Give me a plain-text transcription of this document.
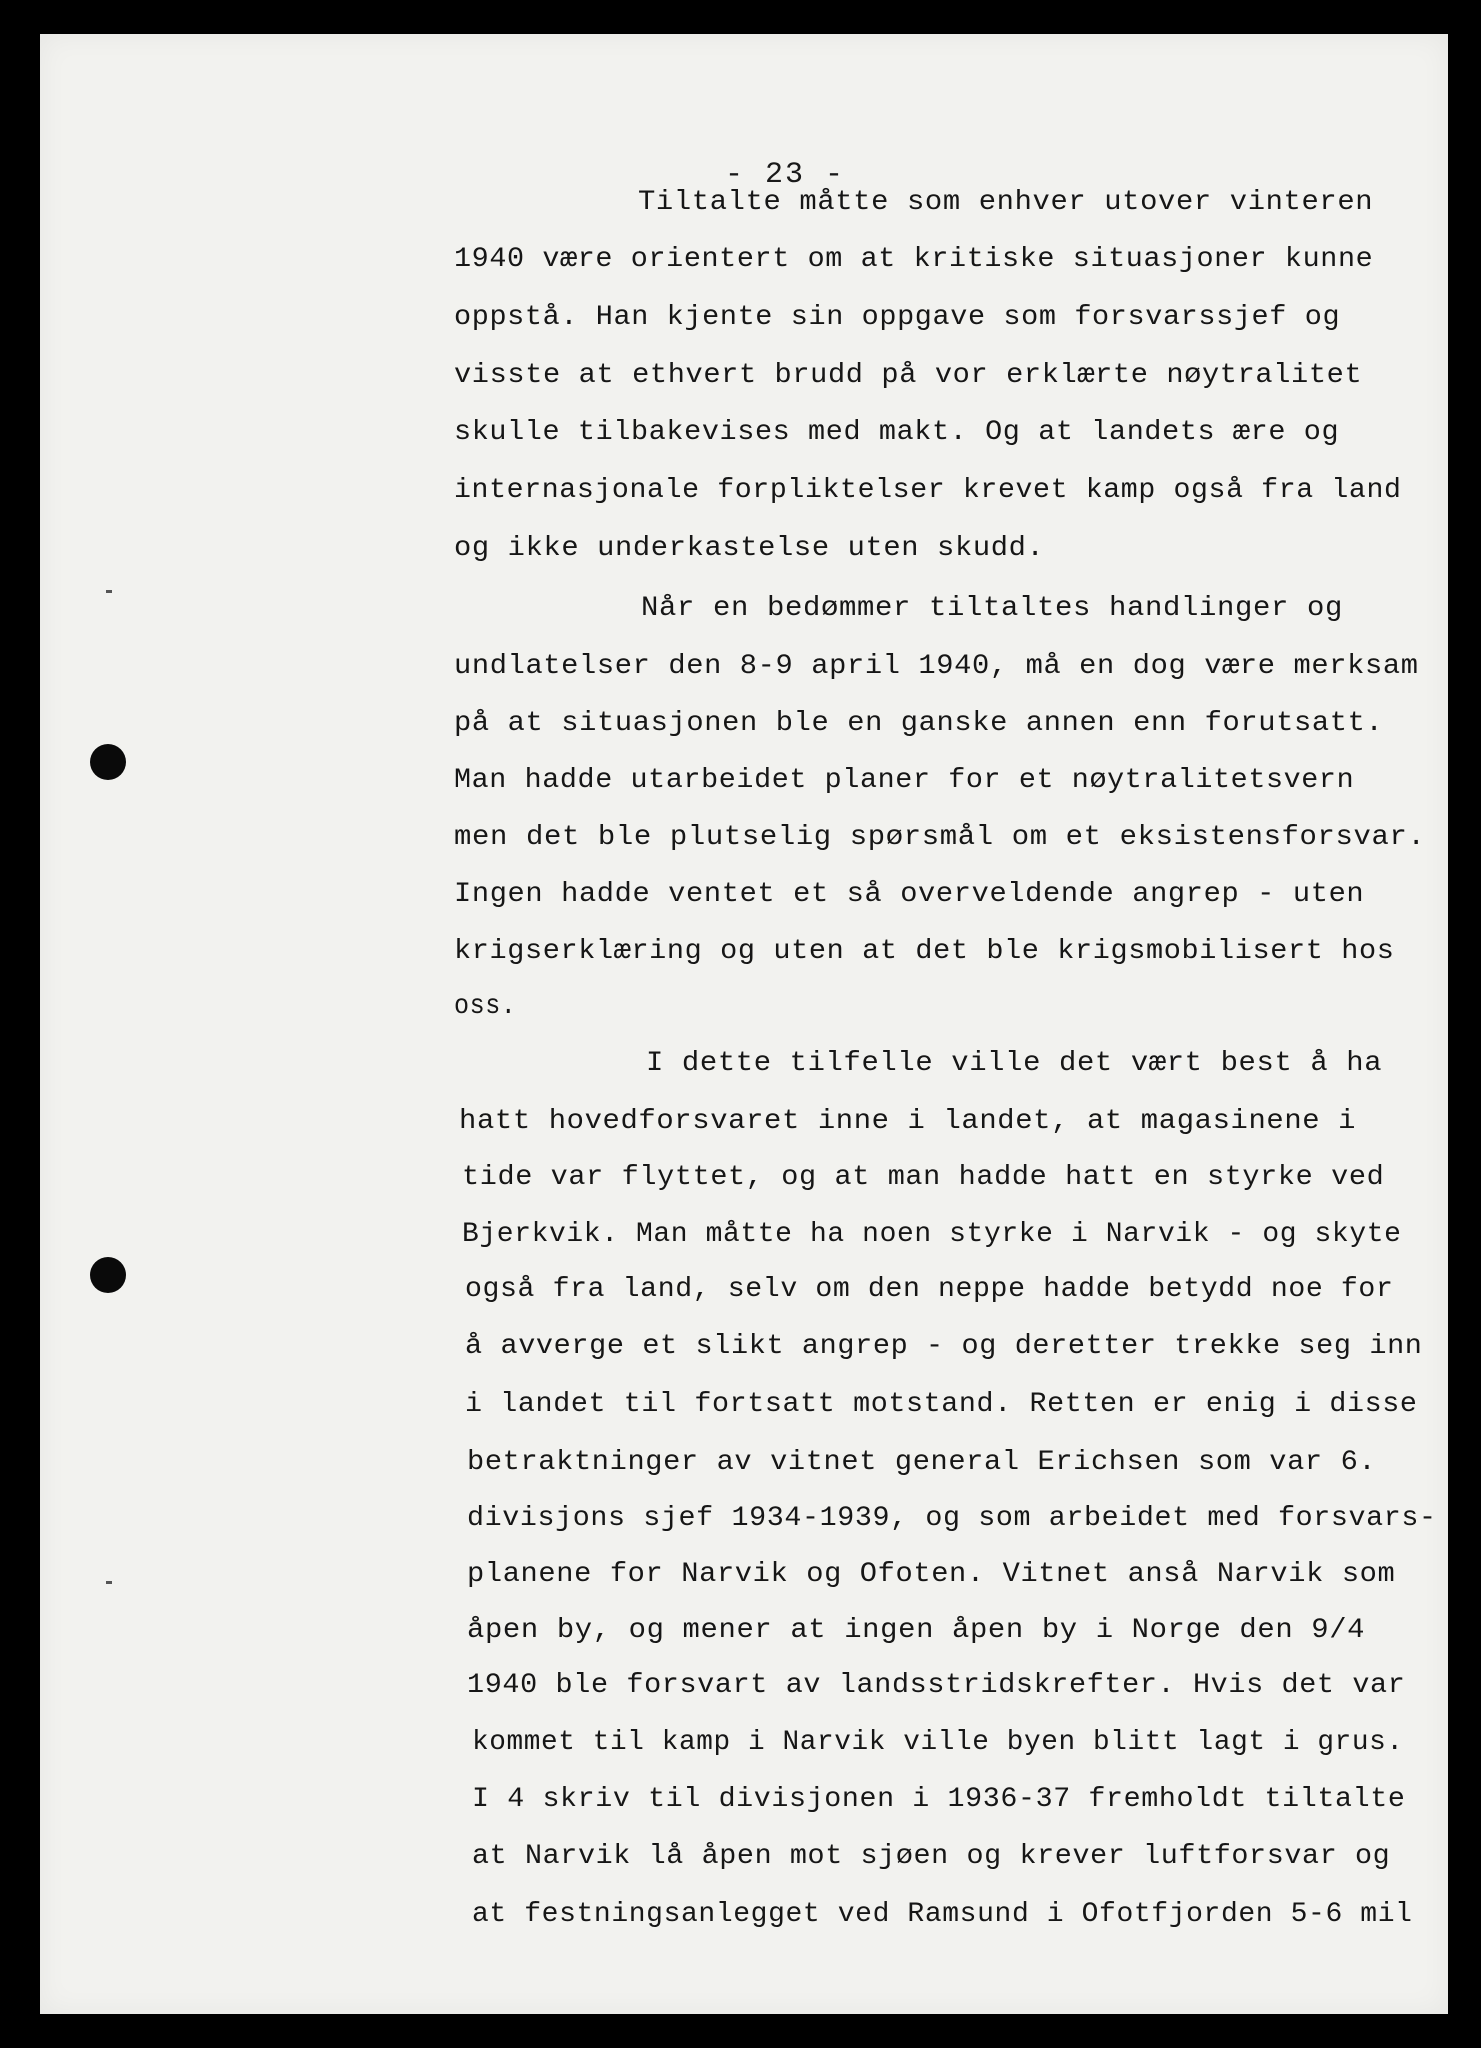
- 23 -
Tiltalte måtte som enhver utover vinteren
1940 være orientert om at kritiske situasjoner kunne
oppstå. Han kjente sin oppgave som forsvarssjef og
visste at ethvert brudd på vor erklærte nøytralitet
skulle tilbakevises med makt. Og at landets ære og
internasjonale forpliktelser krevet kamp også fra land
og ikke underkastelse uten skudd.
Når en bedømmer tiltaltes handlinger og
undlatelser den 8-9 april 1940, må en dog være merksam
på at situasjonen ble en ganske annen enn forutsatt.
Man hadde utarbeidet planer for et nøytralitetsvern
men det ble plutselig spørsmål om et eksistensforsvar.
Ingen hadde ventet et så overveldende angrep - uten
krigserklæring og uten at det ble krigsmobilisert hos
oss.
I dette tilfelle ville det vært best å ha
hatt hovedforsvaret inne i landet, at magasinene i
tide var flyttet, og at man hadde hatt en styrke ved
Bjerkvik. Man måtte ha noen styrke i Narvik - og skyte
også fra land, selv om den neppe hadde betydd noe for
å avverge et slikt angrep - og deretter trekke seg inn
i landet til fortsatt motstand. Retten er enig i disse
betraktninger av vitnet general Erichsen som var 6.
divisjons sjef 1934-1939, og som arbeidet med forsvars-
planene for Narvik og Ofoten. Vitnet anså Narvik som
åpen by, og mener at ingen åpen by i Norge den 9/4
1940 ble forsvart av landsstridskrefter. Hvis det var
kommet til kamp i Narvik ville byen blitt lagt i grus.
I 4 skriv til divisjonen i 1936-37 fremholdt tiltalte
at Narvik lå åpen mot sjøen og krever luftforsvar og
at festningsanlegget ved Ramsund i Ofotfjorden 5-6 mil
